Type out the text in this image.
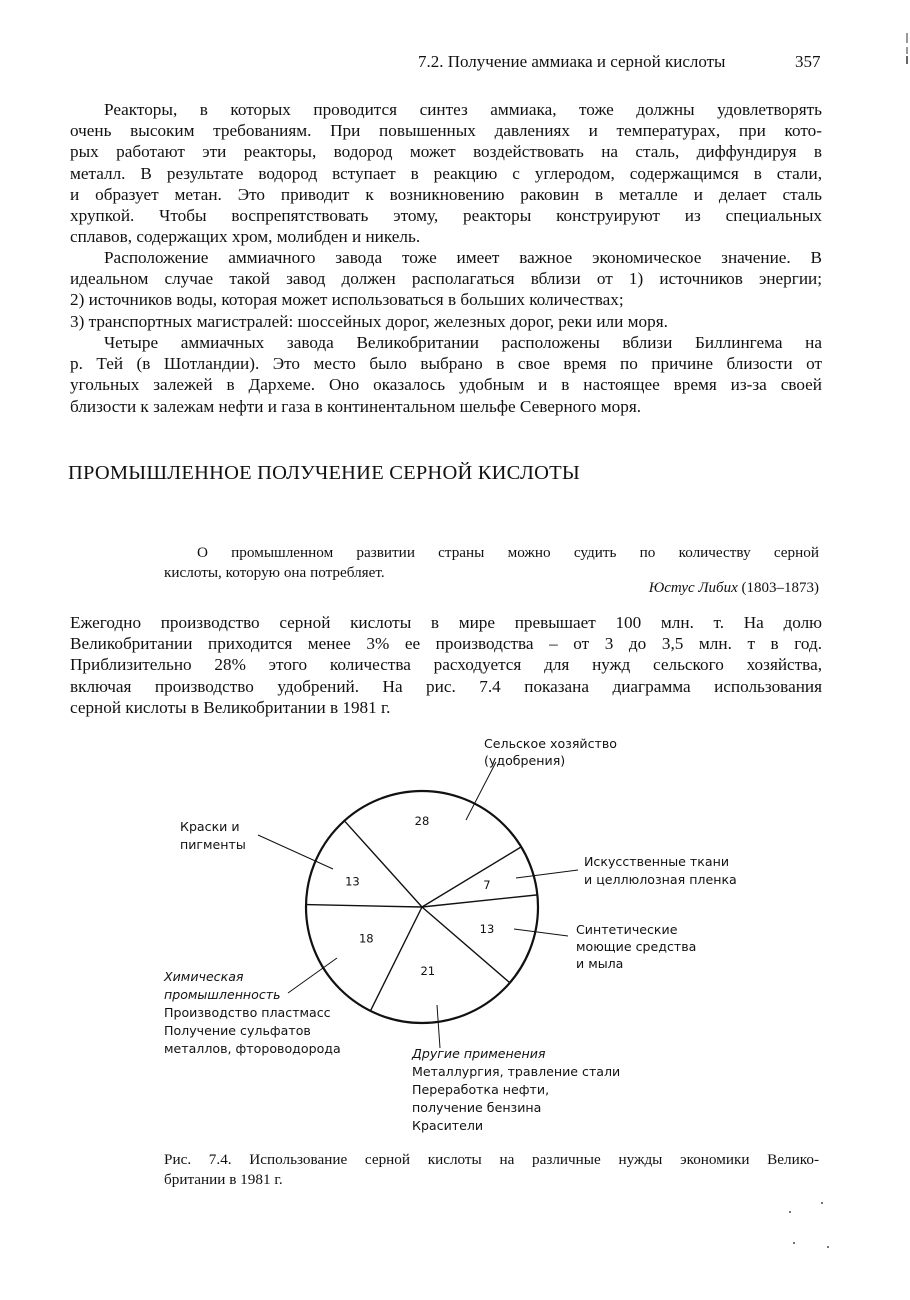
7.2. Получение аммиака и серной кислоты	357
Реакторы, в которых проводится синтез аммиака, тоже должны удовлетворять
очень высоким требованиям. При повышенных давлениях и температурах, при кото-
рых работают эти реакторы, водород может воздействовать на сталь, диффундируя в
металл. В результате водород вступает в реакцию с углеродом, содержащимся в стали,
и образует метан. Это приводит к возникновению раковин в металле и делает сталь
хрупкой. Чтобы воспрепятствовать этому, реакторы конструируют из специальных
сплавов, содержащих хром, молибден и никель.
Расположение аммиачного завода тоже имеет важное экономическое значение. В
идеальном случае такой завод должен располагаться вблизи от 1) источников энергии;
2) источников воды, которая может использоваться в больших количествах;
3) транспортных магистралей: шоссейных дорог, железных дорог, реки или моря.
Четыре аммиачных завода Великобритании расположены вблизи Биллингема на
р. Тей (в Шотландии). Это место было выбрано в свое время по причине близости от
угольных залежей в Дархеме. Оно оказалось удобным и в настоящее время из-за своей
близости к залежам нефти и газа в континентальном шельфе Северного моря.
ПРОМЫШЛЕННОЕ ПОЛУЧЕНИЕ СЕРНОЙ КИСЛОТЫ
О промышленном развитии страны можно судить по количеству серной
кислоты, которую она потребляет.
Юстус Либих (1803–1873)
Ежегодно производство серной кислоты в мире превышает 100 млн. т. На долю
Великобритании приходится менее 3% ее производства – от 3 до 3,5 млн. т в год.
Приблизительно 28% этого количества расходуется для нужд сельского хозяйства,
включая производство удобрений. На рис. 7.4 показана диаграмма использования
серной кислоты в Великобритании в 1981 г.
28
7
13
21
18
13
Сельское хозяйство
(удобрения)
Искусственные ткани
и целлюлозная пленка
Синтетические
моющие средства
и мыла
Другие применения
Металлургия, травление стали
Переработка нефти,
получение бензина
Красители
Химическая
промышленность
Производство пластмасс
Получение сульфатов
металлов, фтороводорода
Краски и
пигменты
Рис. 7.4. Использование серной кислоты на различные нужды экономики Велико-
британии в 1981 г.
